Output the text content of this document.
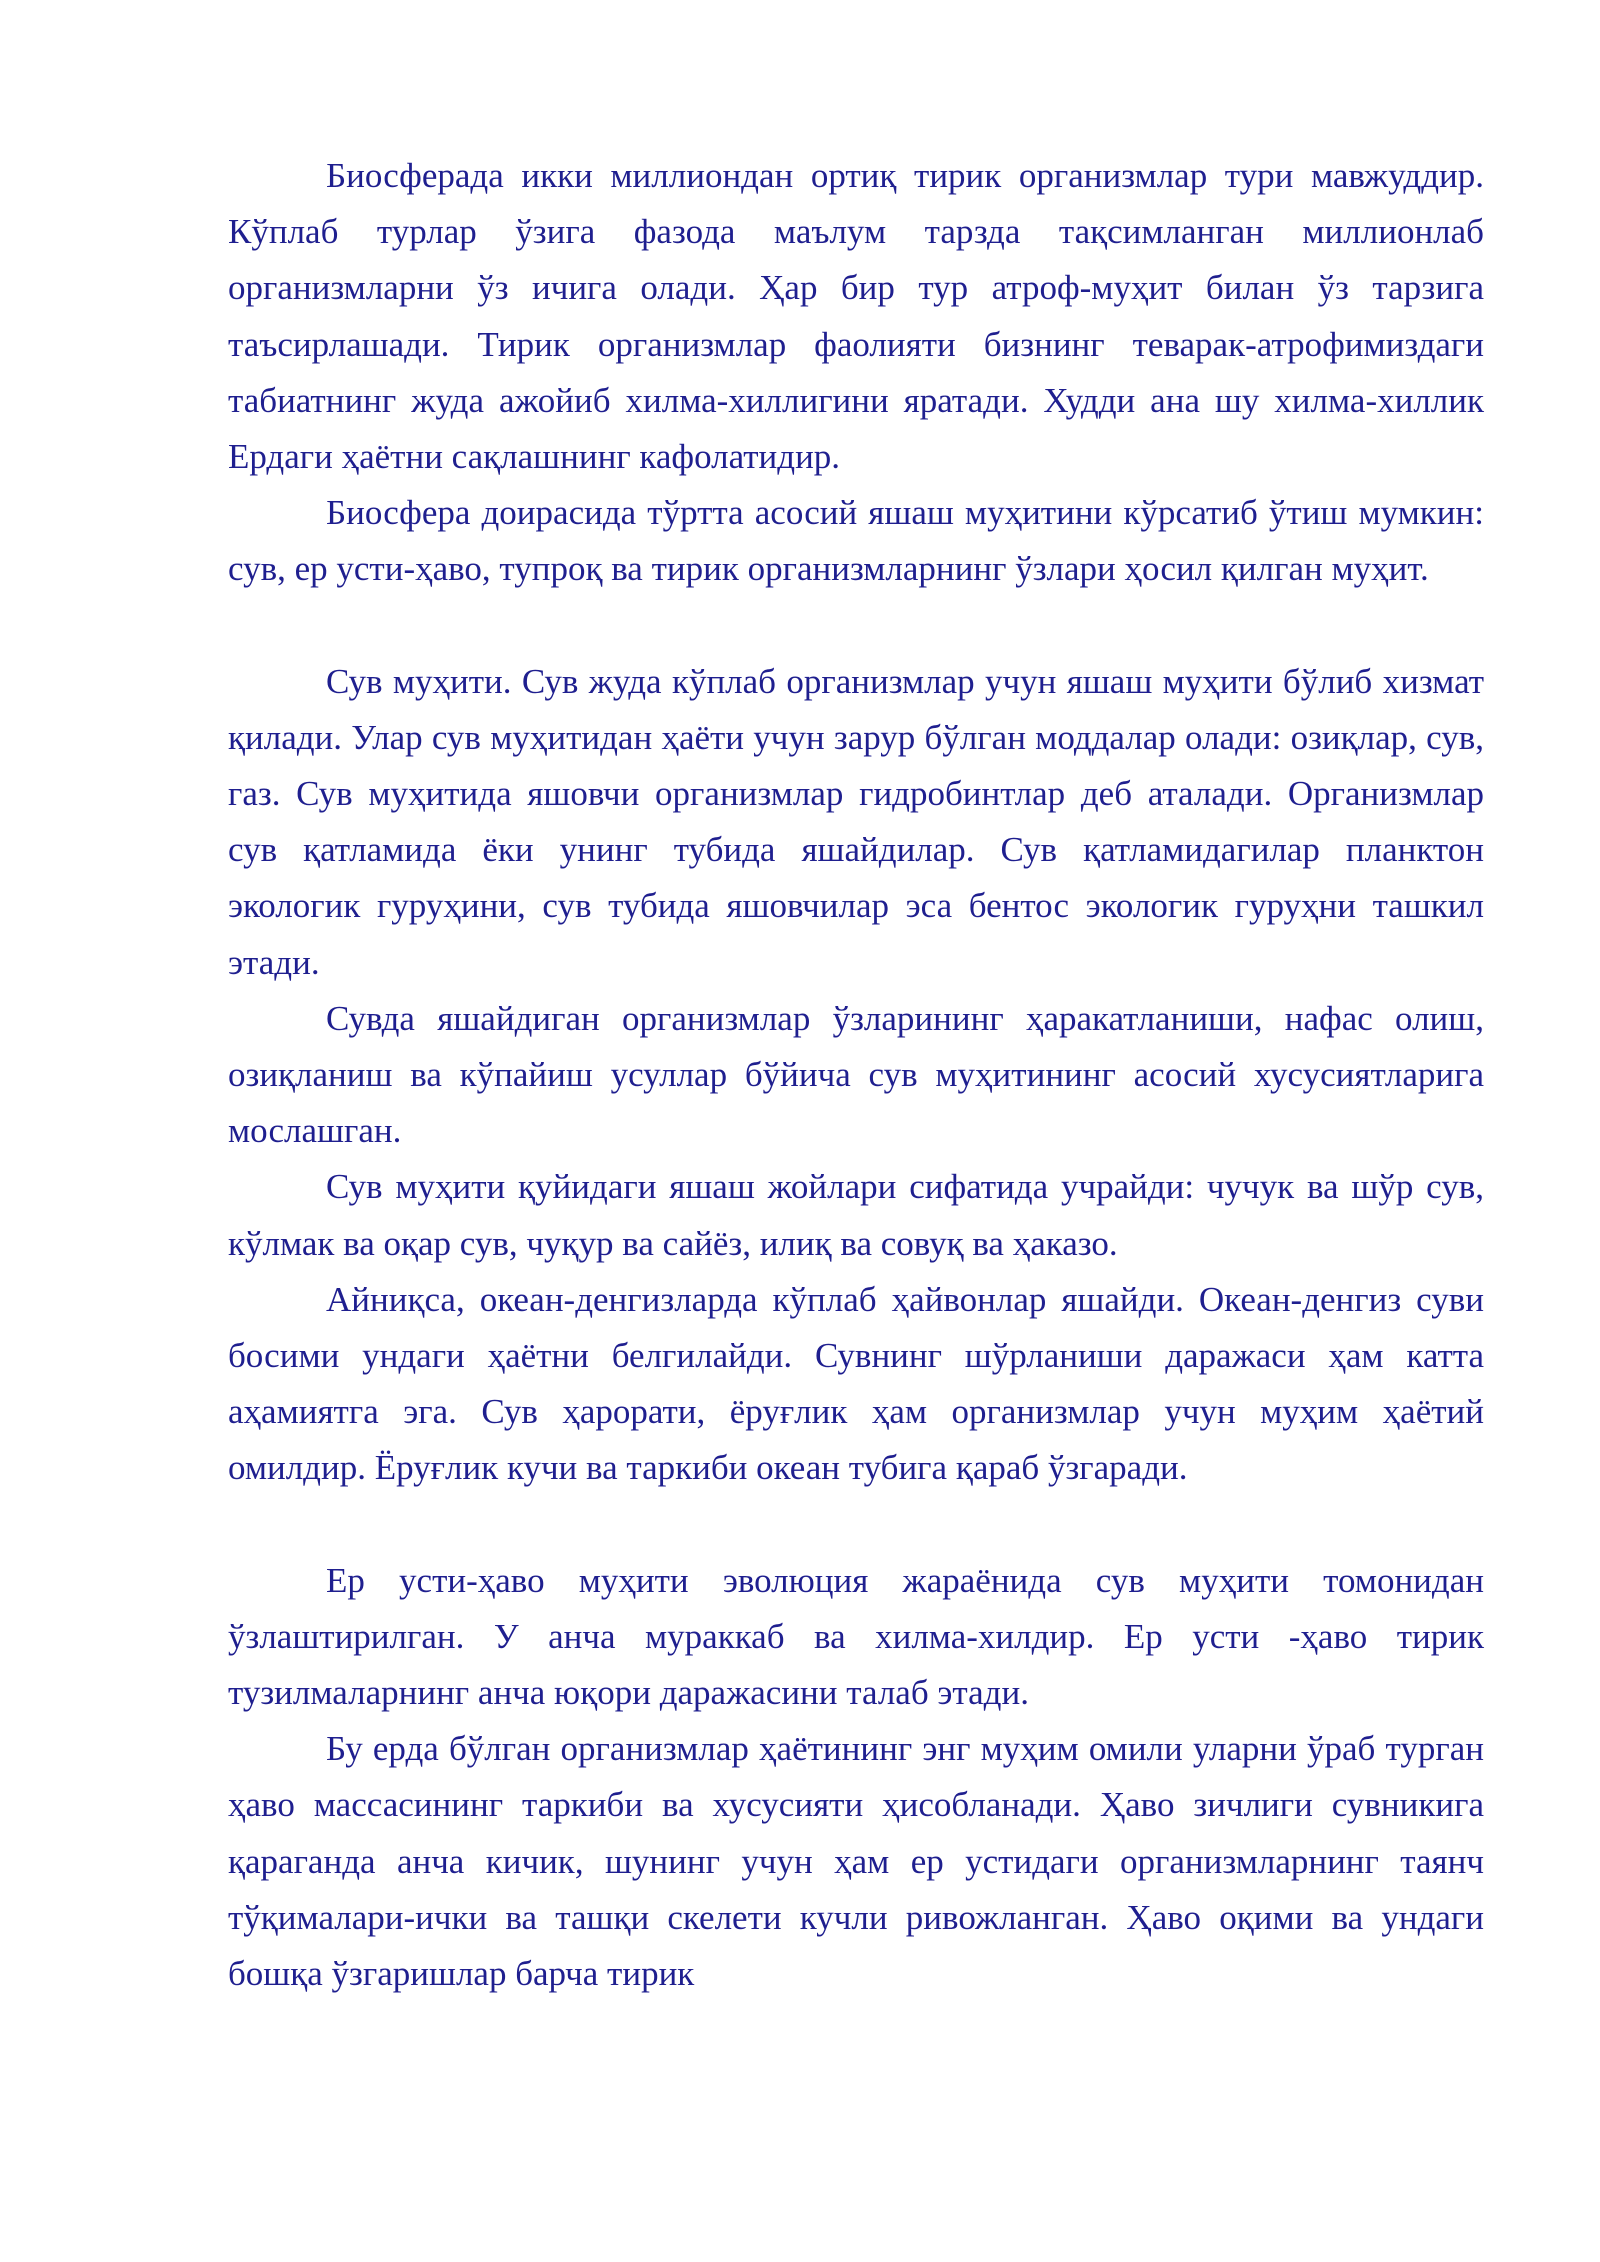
Биосферада икки миллиондан ортиқ тирик организмлар тури мавжуддир. Кўплаб турлар ўзига фазода маълум тарзда тақсимланган миллионлаб организмларни ўз ичига олади. Ҳар бир тур атроф-муҳит билан ўз тарзига таъсирлашади. Тирик организмлар фаолияти бизнинг теварак-атрофимиздаги табиатнинг жуда ажойиб хилма-хиллигини яратади. Худди ана шу хилма-хиллик Ердаги ҳаётни сақлашнинг кафолатидир.

Биосфера доирасида тўртта асосий яшаш муҳитини кўрсатиб ўтиш мумкин: сув, ер усти-ҳаво, тупроқ ва тирик организмларнинг ўзлари ҳосил қилган муҳит.

Сув муҳити. Сув жуда кўплаб организмлар учун яшаш муҳити бўлиб хизмат қилади. Улар сув муҳитидан ҳаёти учун зарур бўлган моддалар олади: озиқлар, сув, газ. Сув муҳитида яшовчи организмлар гидробинтлар деб аталади. Организмлар сув қатламида ёки унинг тубида яшайдилар. Сув қатламидагилар планктон экологик гуруҳини, сув тубида яшовчилар эса бентос экологик гуруҳни ташкил этади.

Сувда яшайдиган организмлар ўзларининг ҳаракатланиши, нафас олиш, озиқланиш ва кўпайиш усуллар бўйича сув муҳитининг асосий хусусиятларига мослашган.

Сув муҳити қуйидаги яшаш жойлари сифатида учрайди: чучук ва шўр сув, кўлмак ва оқар сув, чуқур ва сайёз, илиқ ва совуқ ва ҳаказо.

Айниқса, океан-денгизларда кўплаб ҳайвонлар яшайди. Океан-денгиз суви босими ундаги ҳаётни белгилайди. Сувнинг шўрланиши даражаси ҳам катта аҳамиятга эга. Сув ҳарорати, ёруғлик ҳам организмлар учун муҳим ҳаётий омилдир. Ёруғлик кучи ва таркиби океан тубига қараб ўзгаради.

Ер усти-ҳаво муҳити эволюция жараёнида сув муҳити томонидан ўзлаштирилган. У анча мураккаб ва хилма-хилдир. Ер усти -ҳаво тирик тузилмаларнинг анча юқори даражасини талаб этади.

Бу ерда бўлган организмлар ҳаётининг энг муҳим омили уларни ўраб турган ҳаво массасининг таркиби ва хусусияти ҳисобланади. Ҳаво зичлиги сувникига қараганда анча кичик, шунинг учун ҳам ер устидаги организмларнинг таянч тўқималари-ички ва ташқи скелети кучли ривожланган. Ҳаво оқими ва ундаги бошқа ўзгаришлар барча тирик
